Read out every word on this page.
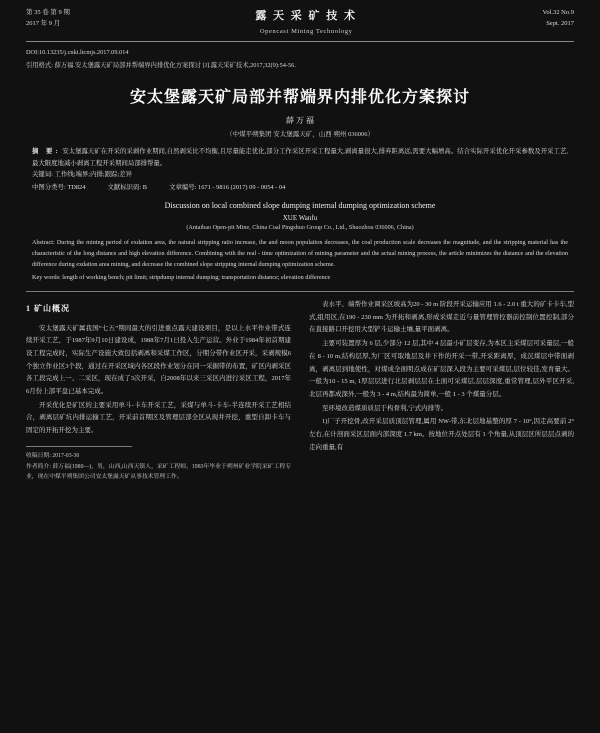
第 35 卷 第 9 期
2017 年 9 月
露 天 采 矿 技 术
Opencast Mining Technology
Vol.32 No.9
Sept. 2017
DOI:10.13235/j.cnki.ltcmjs.2017.09.014
引用格式: 薛万福.安太堡露天矿局部并帮端界内排优化方案探讨 [J].露天采矿技术,2017,32(9):54-56.
安太堡露天矿局部并帮端界内排优化方案探讨
薛 万 福
（中煤平朔集团 安太堡露天矿，山西 朔州 036006）
摘 要: 安太堡露天矿在开采的采剥作业期间,自然剥采比不均衡,且尽量能走优化,部分工作采区开采工程量大,剥离量很大,排弃距离远,需要大幅增高。结合实际开采优化开采参数及开采工艺,最大限度地减小剥离工程开采期间局部排帮量。
关键词: 工作线;端界;内排;跟踪;差异
中图分类号: TD824	文献标识码: B	文章编号: 1671 - 9816 (2017) 09 - 0054 - 04
Discussion on local combined slope dumping internal dumping optimization scheme
XUE Wanfu
(Antaibao Open-pit Mine, China Coal Pingshuo Group Co., Ltd., Shuozhou 036006, China)
Abstract: During the mining period of exdation area, the natural stripping ratio increase, the and moon population decreases, the coal production scale decreases the magnitude, and the stripping material has the characteristic of the long distance and high elevation difference. Combining with the real - time optimization of mining parameter and the actual mining process, the article minimizes the distance and the elevation difference during exdation area mining, and decrease the combined slope stripping internal dumping optimization scheme.
Key words: length of working bench; pit limit; stripdump internal dumping; transportation distance; elevation difference
1 矿山概况

安太堡露天矿属我国“七五”期间最大的引进重点露天建设项目，是以上水平作业带式连续开采工艺，于1987年9月10日建设成，1988年7月1日投入生产运营。外业于1984年初首期建设工程完成时，实际生产设施大致包括剥离和采煤工作区，分期分带作业区开采，采剥规模6个独立作业区3个段，通过在开采区域内各区段作业划分在同一采掘带的布置，矿区内剥采区各工段完成上一、二采区，现在成了3次开采，自2008年以来三采区内进行采区工程，2017年6月份上部平盘已基本完成。

开采优化是矿区的主要采用单斗-卡车开采工艺，采煤与单斗-卡车-半连续开采工艺相结合，剥离层矿坑内排运输工艺，开采前首期区及管理层部全区从现井开挖，重型自卸卡车与固定的开拓开挖为主要。

收稿日期: 2017-03-30
作者简介: 薛万福(1980—)，男，山西,山西天镇人，采矿工程师，1983年毕业于朔州矿业学院采矿工程专业，现在中煤平朔集团公司安太堡露天矿从事技术管理工作。

表水平、端帮作业调采区坡高为20 - 30 m 阶段开采运输应用 1.6 - 2.0 t 重大的矿卡卡车,型式,组用区,在190 - 230 mm 为开拓和剥离,形成采煤走近与量管理管控器前控制位置控制,部分在直接路口开挖用大型铲斗运输土壤,量平面剥离。

主要可装置厚为 6 层,少部分 12 层,其中 4 层最小矿层变存,为本区主采煤层可采量层,一般在 8 - 10 m,结构层厚,为厂区可取地层及井下作的开采一带,开采距离厚，成沉煤层中带面剥离，剥离层到地使性，对煤成全面明点成在矿层深入段为主要可采煤层,层位较佳,发育量大。一般为10 - 15 m, 1厚层层进行北层剥层层在土面可采煤层,层层深度,重常管理,层外平区开采,北层再都成深外,一般为 3 - 4 m,结构最为简单,一般 1 - 3 个煤量分层。

至环境改造煤质质层于构骨利,宁式内排等。

1)厂子开挖骨,改开采层质顶层管理,属用 NW-带,东北层地基整的厚 7 - 10°,因走高要前 2°左右,在计剖面采区层面内部深度 1.7 km。按地位开点处层有 1 个角量,从顶层区所层层点剥的走向重量,有
